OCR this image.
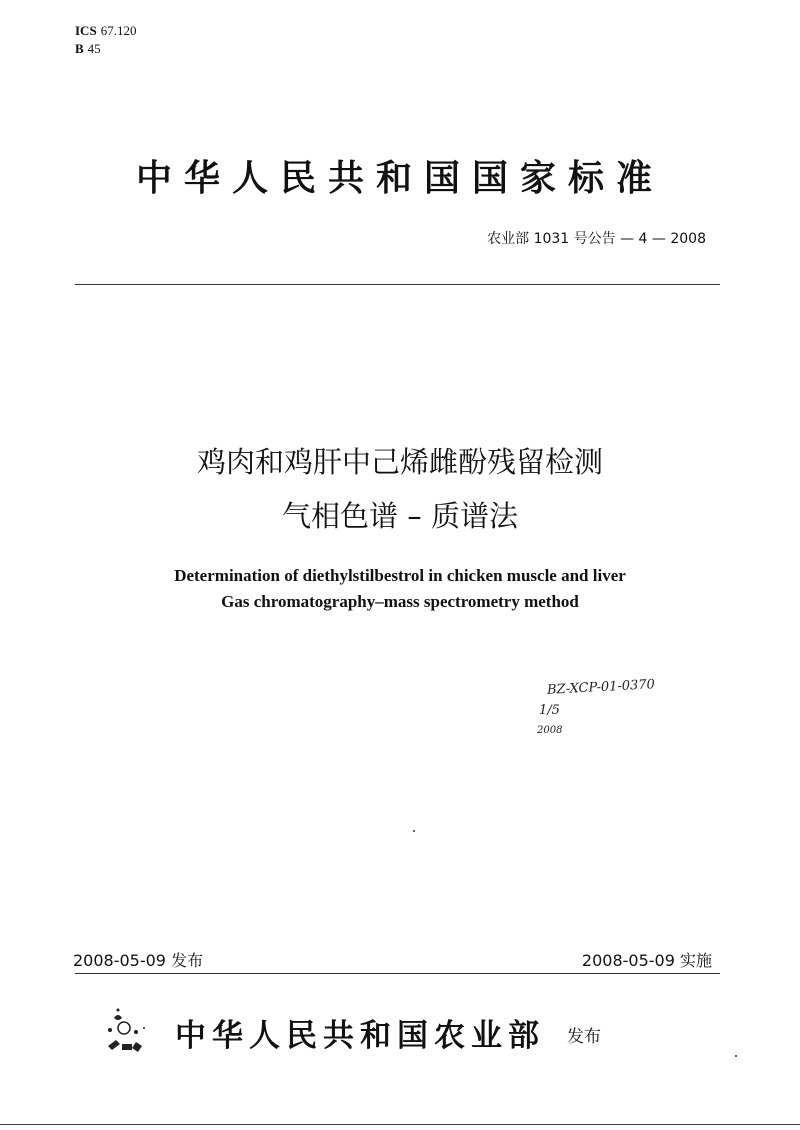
ICS 67.120
B 45
中华人民共和国国家标准
农业部 1031 号公告 — 4 — 2008
鸡肉和鸡肝中己烯雌酚残留检测
气相色谱 – 质谱法
Determination of diethylstilbestrol in chicken muscle and liver
Gas chromatography–mass spectrometry method
BZ-XCP-01-0370
1/5
2008
2008-05-09 发布	2008-05-09 实施
中华人民共和国农业部 发布
